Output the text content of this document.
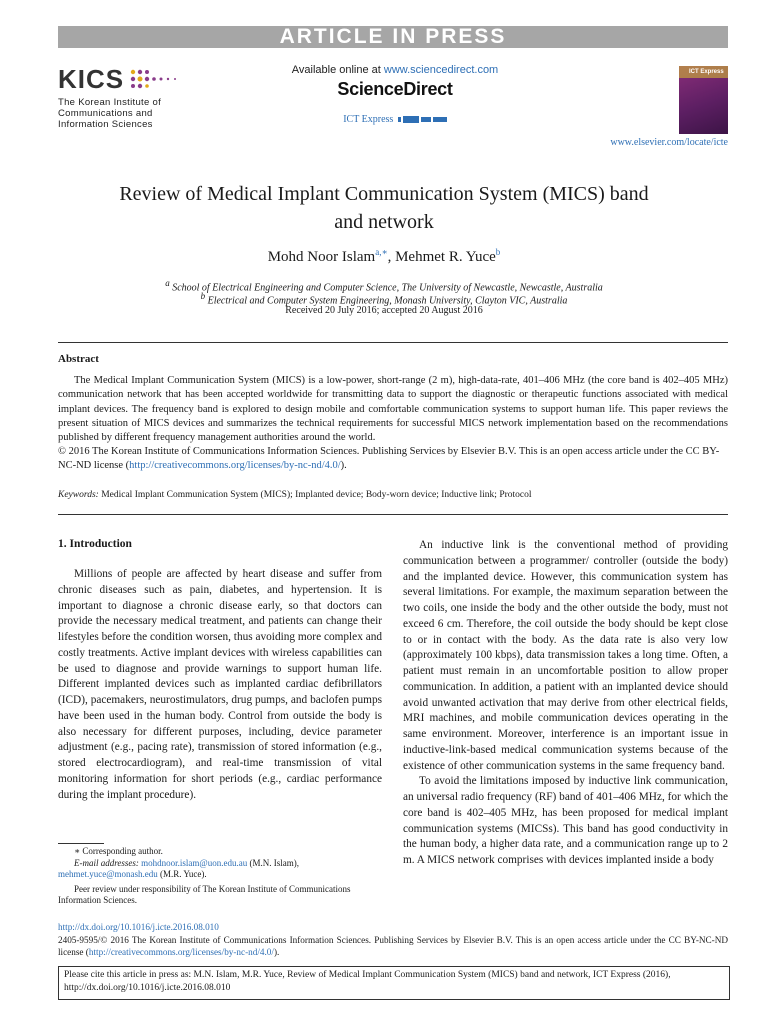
ARTICLE IN PRESS
KICS
The Korean Institute of
Communications and
Information Sciences
Available online at www.sciencedirect.com
ScienceDirect
ICT Express
ICT Express
www.elsevier.com/locate/icte
Review of Medical Implant Communication System (MICS) band
and network
Mohd Noor Islam$^{a,∗}$, Mehmet R. Yuce$^b$
$^a$ School of Electrical Engineering and Computer Science, The University of Newcastle, Newcastle, Australia
$^b$ Electrical and Computer System Engineering, Monash University, Clayton VIC, Australia
Received 20 July 2016; accepted 20 August 2016
Abstract
The Medical Implant Communication System (MICS) is a low-power, short-range (2 m), high-data-rate, 401–406 MHz (the core band is 402–405 MHz) communication network that has been accepted worldwide for transmitting data to support the diagnostic or therapeutic functions associated with medical implant devices. The frequency band is explored to design mobile and comfortable communication systems to support human life. This paper reviews the present situation of MICS devices and summarizes the technical requirements for successful MICS network implementation based on the recommendations published by different frequency management authorities around the world.
© 2016 The Korean Institute of Communications Information Sciences. Publishing Services by Elsevier B.V. This is an open access article under the CC BY-NC-ND license (http://creativecommons.org/licenses/by-nc-nd/4.0/).
Keywords: Medical Implant Communication System (MICS); Implanted device; Body-worn device; Inductive link; Protocol
1. Introduction

Millions of people are affected by heart disease and suffer from chronic diseases such as pain, diabetes, and hypertension. It is important to diagnose a chronic disease early, so that doctors can provide the necessary medical treatment, and patients can change their lifestyles before the condition worsen, thus avoiding more complex and costly treatments. Active implant devices with wireless capabilities can be used to diagnose and provide warnings to support human life. Different implanted devices such as implanted cardiac defibrillators (ICD), pacemakers, neurostimulators, drug pumps, and baclofen pumps have been used in the human body. Control from outside the body is also necessary for different purposes, including, device parameter adjustment (e.g., pacing rate), transmission of stored information (e.g., stored electrocardiogram), and real-time transmission of vital monitoring information for short periods (e.g., cardiac performance during the implant procedure).

An inductive link is the conventional method of providing communication between a programmer/ controller (outside the body) and the implanted device. However, this communication system has several limitations. For example, the maximum separation between the two coils, one inside the body and the other outside the body, must not exceed 6 cm. Therefore, the coil outside the body should be kept close to or in contact with the body. As the data rate is also very low (approximately 100 kbps), data transmission takes a long time. Often, a patient must remain in an uncomfortable position to allow proper communication. In addition, a patient with an implanted device should avoid unwanted activation that may derive from other electrical fields, MRI machines, and mobile communication devices operating in the same environment. Moreover, interference is an important issue in inductive-link-based medical communication systems because of the existence of other communication systems in the same frequency band.

To avoid the limitations imposed by inductive link communication, an universal radio frequency (RF) band of 401–406 MHz, for which the core band is 402–405 MHz, has been proposed for medical implant communication systems (MICSs). This band has good conductivity in the human body, a higher data rate, and a communication range up to 2 m. A MICS network comprises with devices implanted inside a body

∗ Corresponding author.
E-mail addresses: mohdnoor.islam@uon.edu.au (M.N. Islam),
mehmet.yuce@monash.edu (M.R. Yuce).
Peer review under responsibility of The Korean Institute of Communications Information Sciences.
http://dx.doi.org/10.1016/j.icte.2016.08.010
2405-9595/© 2016 The Korean Institute of Communications Information Sciences. Publishing Services by Elsevier B.V. This is an open access article under the CC BY-NC-ND license (http://creativecommons.org/licenses/by-nc-nd/4.0/).
Please cite this article in press as: M.N. Islam, M.R. Yuce, Review of Medical Implant Communication System (MICS) band and network, ICT Express (2016),
http://dx.doi.org/10.1016/j.icte.2016.08.010
